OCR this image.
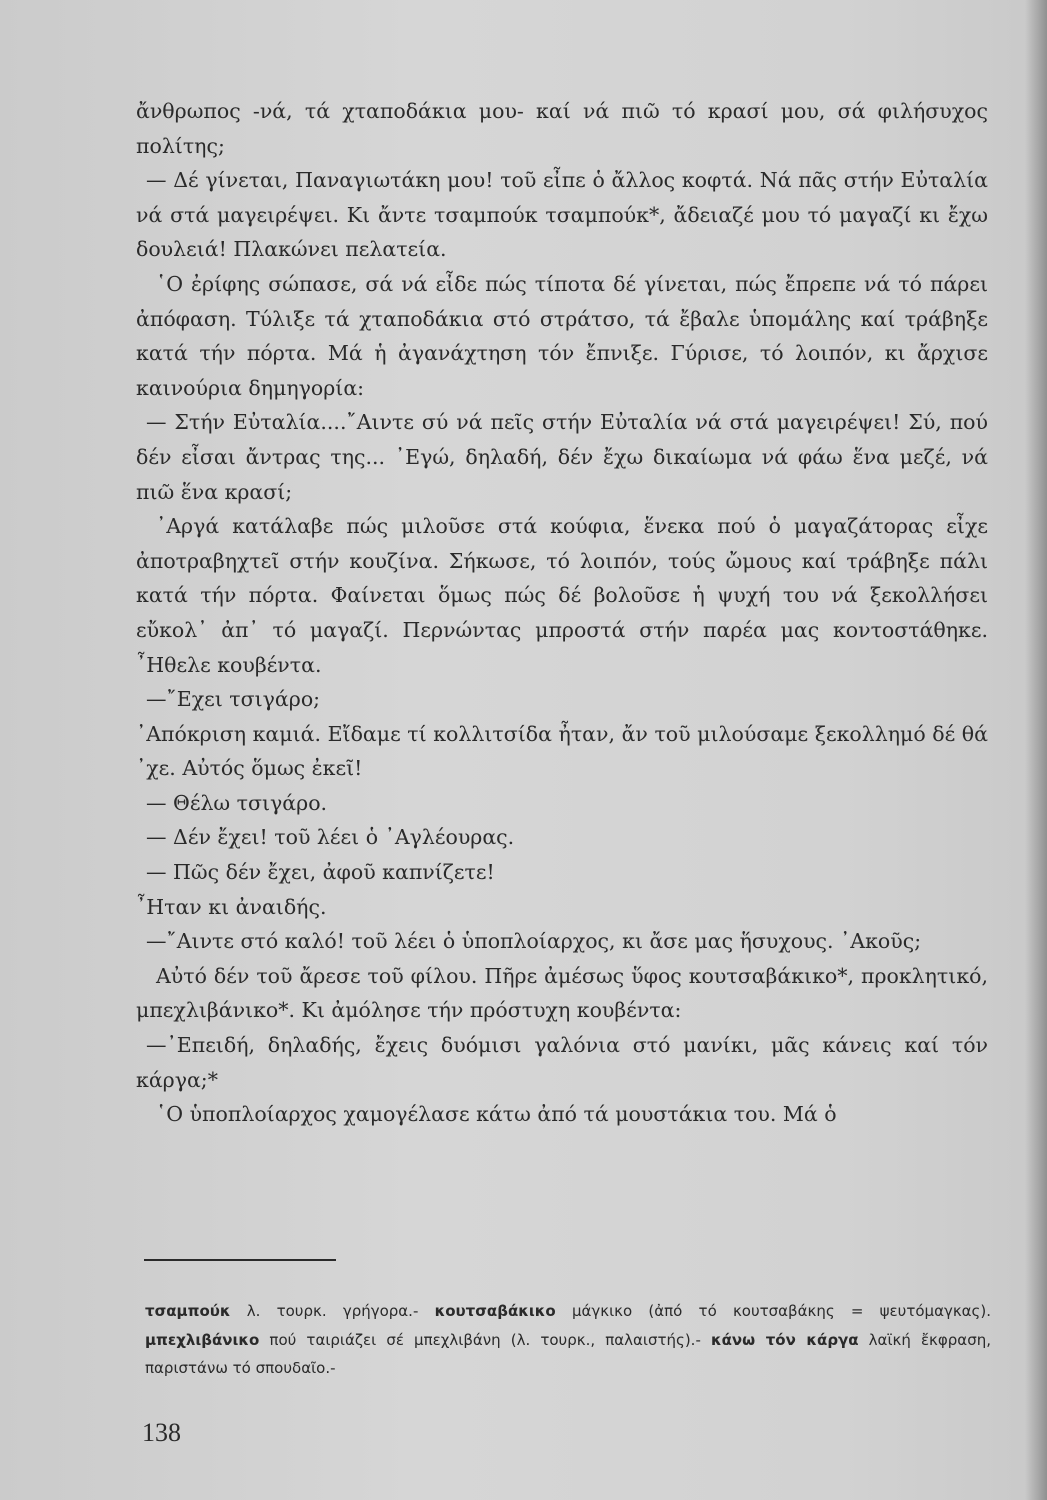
ἄνθρωπος -νά, τά χταποδάκια μου- καί νά πιῶ τό κρασί μου, σά φιλήσυχος πολίτης;

— Δέ γίνεται, Παναγιωτάκη μου! τοῦ εἶπε ὁ ἄλλος κοφτά. Νά πᾶς στήν Εὐταλία νά στά μαγειρέψει. Κι ἄντε τσαμπούκ τσαμπούκ*, ἄδειαζέ μου τό μαγαζί κι ἔχω δουλειά! Πλακώνει πελατεία.

῾Ο ἐρίφης σώπασε, σά νά εἶδε πώς τίποτα δέ γίνεται, πώς ἔπρεπε νά τό πάρει ἀπόφαση. Τύλιξε τά χταποδάκια στό στράτσο, τά ἔβαλε ὑπομάλης καί τράβηξε κατά τήν πόρτα. Μά ἡ ἀγανάχτηση τόν ἔπνιξε. Γύρισε, τό λοιπόν, κι ἄρχισε καινούρια δημηγορία:

— Στήν Εὐταλία....῎Αιντε σύ νά πεῖς στήν Εὐταλία νά στά μαγειρέψει! Σύ, πού δέν εἶσαι ἄντρας της... ᾿Εγώ, δηλαδή, δέν ἔχω δικαίωμα νά φάω ἕνα μεζέ, νά πιῶ ἕνα κρασί;

᾿Αργά κατάλαβε πώς μιλοῦσε στά κούφια, ἕνεκα πού ὁ μαγαζάτορας εἶχε ἀποτραβηχτεῖ στήν κουζίνα. Σήκωσε, τό λοιπόν, τούς ὤμους καί τράβηξε πάλι κατά τήν πόρτα. Φαίνεται ὅμως πώς δέ βολοῦσε ἡ ψυχή του νά ξεκολλήσει εὔκολ᾿ ἀπ᾿ τό μαγαζί. Περνώντας μπροστά στήν παρέα μας κοντοστάθηκε. ῏Ηθελε κουβέντα.

—῎Εχει τσιγάρο;

᾿Απόκριση καμιά. Εἴδαμε τί κολλιτσίδα ἦταν, ἄν τοῦ μιλούσαμε ξεκολλημό δέ θά ᾿χε. Αὐτός ὅμως ἐκεῖ!

— Θέλω τσιγάρο.

— Δέν ἔχει! τοῦ λέει ὁ ᾿Αγλέουρας.

— Πῶς δέν ἔχει, ἀφοῦ καπνίζετε!

῏Ηταν κι ἀναιδής.

—῎Αιντε στό καλό! τοῦ λέει ὁ ὑποπλοίαρχος, κι ἄσε μας ἥσυχους. ᾿Ακοῦς;

Αὐτό δέν τοῦ ἄρεσε τοῦ φίλου. Πῆρε ἀμέσως ὕφος κουτσαβάκικο*, προκλητικό, μπεχλιβάνικο*. Κι ἀμόλησε τήν πρόστυχη κουβέντα:

—᾿Επειδή, δηλαδής, ἔχεις δυόμισι γαλόνια στό μανίκι, μᾶς κάνεις καί τόν κάργα;*

῾Ο ὑποπλοίαρχος χαμογέλασε κάτω ἀπό τά μουστάκια του. Μά ὁ

τσαμπούκ λ. τουρκ. γρήγορα.- κουτσαβάκικο μάγκικο (ἀπό τό κουτσαβάκης = ψευτόμαγκας). μπεχλιβάνικο πού ταιριάζει σέ μπεχλιβάνη (λ. τουρκ., παλαιστής).- κάνω τόν κάργα λαϊκή ἔκφραση, παριστάνω τό σπουδαῖο.-

138
